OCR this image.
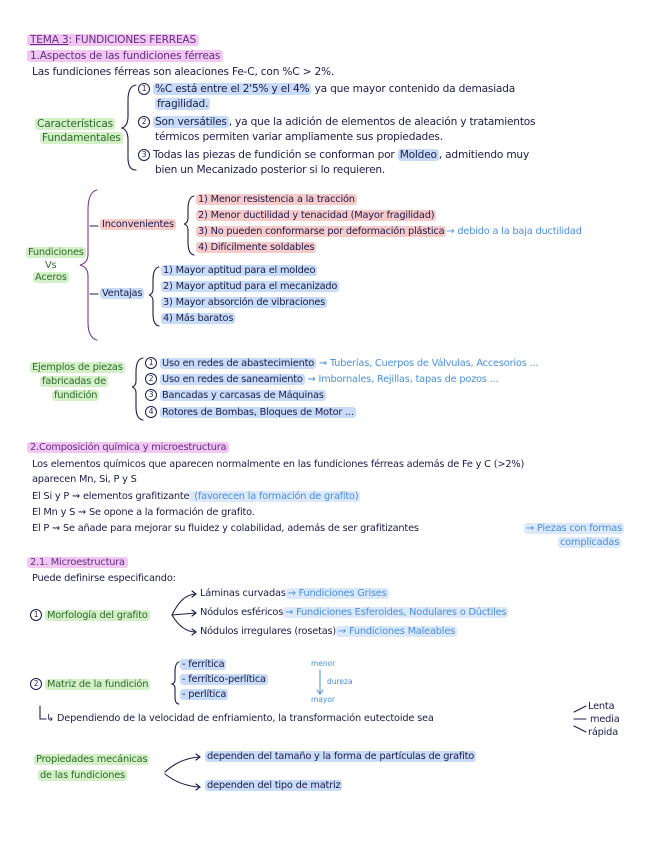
TEMA 3: FUNDICIONES FERREAS
1.Aspectos de las fundiciones férreas
Las fundiciones férreas son aleaciones Fe-C, con %C > 2%.
Características
Fundamentales
1 %C está entre el 2'5% y el 4% ya que mayor contenido da demasiada
fragilidad.
2 Son versátiles , ya que la adición de elementos de aleación y tratamientos
térmicos permiten variar ampliamente sus propiedades.
3 Todas las piezas de fundición se conforman por Moldeo , admitiendo muy
bien un Mecanizado posterior si lo requieren.
Fundiciones
Vs
Aceros
Inconvenientes
1) Menor resistencia a la tracción
2) Menor ductilidad y tenacidad (Mayor fragilidad)
3) No pueden conformarse por deformación plástica → debido a la baja ductilidad
4) Difícilmente soldables
Ventajas
1) Mayor aptitud para el moldeo
2) Mayor aptitud para el mecanizado
3) Mayor absorción de vibraciones
4) Más baratos
Ejemplos de piezas
fabricadas de
fundición
1 Uso en redes de abastecimiento ⇝ Tuberías, Cuerpos de Válvulas, Accesorios ...
2 Uso en redes de saneamiento ⇝ Imbornales, Rejillas, tapas de pozos ...
3 Bancadas y carcasas de Máquinas
4 Rotores de Bombas, Bloques de Motor ...
2.Composición química y microestructura
Los elementos químicos que aparecen normalmente en las fundiciones férreas además de Fe y C (>2%)
aparecen Mn, Si, P y S
El Si y P ⇝ elementos grafitizante (favorecen la formación de grafito)
El Mn y S ⇝ Se opone a la formación de grafito.
El P ⇝ Se añade para mejorar su fluidez y colabilidad, además de ser grafitizantes	→ Piezas con formas
complicadas
2.1. Microestructura
Puede definirse especificando:
1 Morfología del grafito
Láminas curvadas → Fundiciones Grises
Nódulos esféricos → Fundiciones Esferoides, Nodulares o Dúctiles
Nódulos irregulares (rosetas) → Fundiciones Maleables
2 Matriz de la fundición
- ferrítica
- ferrítico-perlítica
- perlítica
menor
dureza
mayor
↳ Dependiendo de la velocidad de enfriamiento, la transformación eutectoide sea
Lenta
media
rápida
Propiedades mecánicas
de las fundiciones
dependen del tamaño y la forma de partículas de grafito
dependen del tipo de matriz
